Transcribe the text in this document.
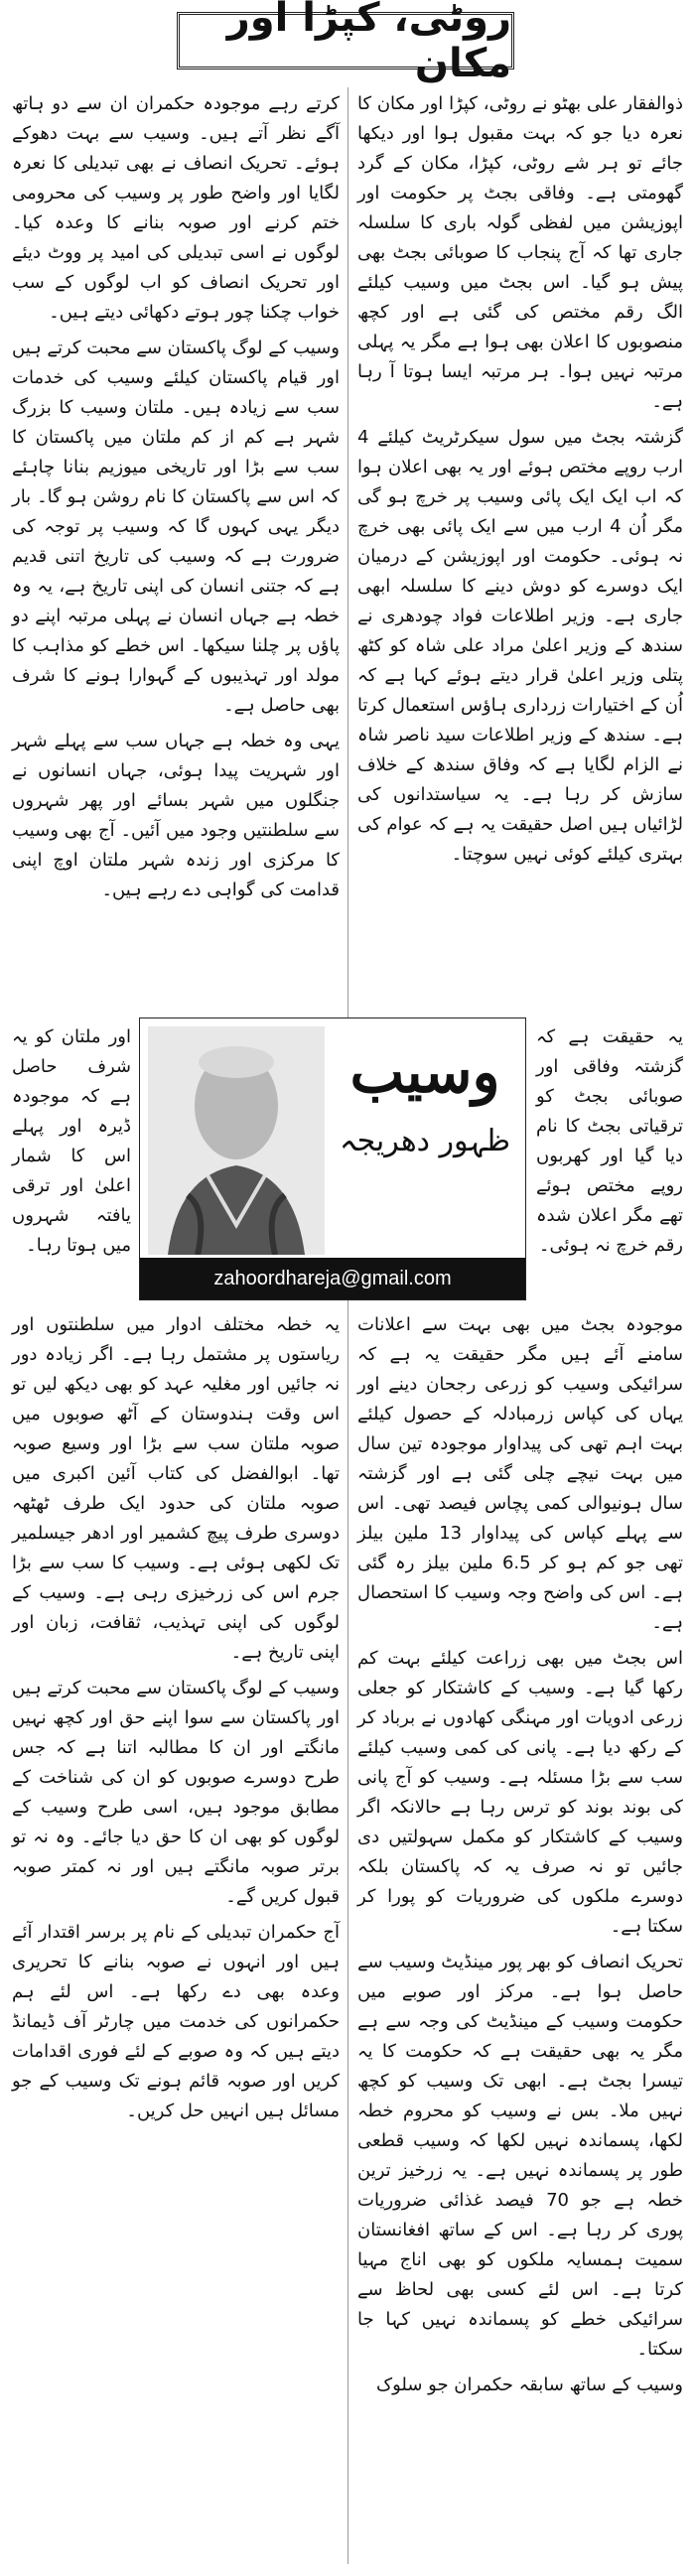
روٹی، کپڑا اور مکان

ذوالفقار علی بھٹو نے روٹی، کپڑا اور مکان کا نعرہ دیا جو کہ بہت مقبول ہوا اور دیکھا جائے تو ہر شے روٹی، کپڑا، مکان کے گرد گھومتی ہے۔ وفاقی بجٹ پر حکومت اور اپوزیشن میں لفظی گولہ باری کا سلسلہ جاری تھا کہ آج پنجاب کا صوبائی بجٹ بھی پیش ہو گیا۔ اس بجٹ میں وسیب کیلئے الگ رقم مختص کی گئی ہے اور کچھ منصوبوں کا اعلان بھی ہوا ہے مگر یہ پہلی مرتبہ نہیں ہوا۔ ہر مرتبہ ایسا ہوتا آ رہا ہے۔

گزشتہ بجٹ میں سول سیکرٹریٹ کیلئے 4 ارب روپے مختص ہوئے اور یہ بھی اعلان ہوا کہ اب ایک ایک پائی وسیب پر خرچ ہو گی مگر اُن 4 ارب میں سے ایک پائی بھی خرچ نہ ہوئی۔ حکومت اور اپوزیشن کے درمیان ایک دوسرے کو دوش دینے کا سلسلہ ابھی جاری ہے۔ وزیر اطلاعات فواد چودھری نے سندھ کے وزیر اعلیٰ مراد علی شاہ کو کٹھ پتلی وزیر اعلیٰ قرار دیتے ہوئے کہا ہے کہ اُن کے اختیارات زرداری ہاؤس استعمال کرتا ہے۔ سندھ کے وزیر اطلاعات سید ناصر شاہ نے الزام لگایا ہے کہ وفاق سندھ کے خلاف سازش کر رہا ہے۔ یہ سیاستدانوں کی لڑائیاں ہیں اصل حقیقت یہ ہے کہ عوام کی بہتری کیلئے کوئی نہیں سوچتا۔

کرتے رہے موجودہ حکمران ان سے دو ہاتھ آگے نظر آتے ہیں۔ وسیب سے بہت دھوکے ہوئے۔ تحریک انصاف نے بھی تبدیلی کا نعرہ لگایا اور واضح طور پر وسیب کی محرومی ختم کرنے اور صوبہ بنانے کا وعدہ کیا۔ لوگوں نے اسی تبدیلی کی امید پر ووٹ دیئے اور تحریک انصاف کو اب لوگوں کے سب خواب چکنا چور ہوتے دکھائی دیتے ہیں۔

وسیب کے لوگ پاکستان سے محبت کرتے ہیں اور قیام پاکستان کیلئے وسیب کی خدمات سب سے زیادہ ہیں۔ ملتان وسیب کا بزرگ شہر ہے کم از کم ملتان میں پاکستان کا سب سے بڑا اور تاریخی میوزیم بنانا چاہئے کہ اس سے پاکستان کا نام روشن ہو گا۔ بار دیگر یہی کہوں گا کہ وسیب پر توجہ کی ضرورت ہے کہ وسیب کی تاریخ اتنی قدیم ہے کہ جتنی انسان کی اپنی تاریخ ہے، یہ وہ خطہ ہے جہاں انسان نے پہلی مرتبہ اپنے دو پاؤں پر چلنا سیکھا۔ اس خطے کو مذاہب کا مولد اور تہذیبوں کے گہوارا ہونے کا شرف بھی حاصل ہے۔

یہی وہ خطہ ہے جہاں سب سے پہلے شہر اور شہریت پیدا ہوئی، جہاں انسانوں نے جنگلوں میں شہر بسائے اور پھر شہروں سے سلطنتیں وجود میں آئیں۔ آج بھی وسیب کا مرکزی اور زندہ شہر ملتان اوچ اپنی قدامت کی گواہی دے رہے ہیں۔

وسیب
ظہور دھریجہ
zahoordhareja@gmail.com

یہ حقیقت ہے کہ گزشتہ وفاقی اور صوبائی بجٹ کو ترقیاتی بجٹ کا نام دیا گیا اور کھربوں روپے مختص ہوئے تھے مگر اعلان شدہ رقم خرچ نہ ہوئی۔

اور ملتان کو یہ شرف حاصل ہے کہ موجودہ ڈیرہ اور پہلے اس کا شمار اعلیٰ اور ترقی یافتہ شہروں میں ہوتا رہا۔

موجودہ بجٹ میں بھی بہت سے اعلانات سامنے آئے ہیں مگر حقیقت یہ ہے کہ سرائیکی وسیب کو زرعی رجحان دینے اور یہاں کی کپاس زرمبادلہ کے حصول کیلئے بہت اہم تھی کی پیداوار موجودہ تین سال میں بہت نیچے چلی گئی ہے اور گزشتہ سال ہونیوالی کمی پچاس فیصد تھی۔ اس سے پہلے کپاس کی پیداوار 13 ملین بیلز تھی جو کم ہو کر 6.5 ملین بیلز رہ گئی ہے۔ اس کی واضح وجہ وسیب کا استحصال ہے۔

اس بجٹ میں بھی زراعت کیلئے بہت کم رکھا گیا ہے۔ وسیب کے کاشتکار کو جعلی زرعی ادویات اور مہنگی کھادوں نے برباد کر کے رکھ دیا ہے۔ پانی کی کمی وسیب کیلئے سب سے بڑا مسئلہ ہے۔ وسیب کو آج پانی کی بوند بوند کو ترس رہا ہے حالانکہ اگر وسیب کے کاشتکار کو مکمل سہولتیں دی جائیں تو نہ صرف یہ کہ پاکستان بلکہ دوسرے ملکوں کی ضروریات کو پورا کر سکتا ہے۔

تحریک انصاف کو بھر پور مینڈیٹ وسیب سے حاصل ہوا ہے۔ مرکز اور صوبے میں حکومت وسیب کے مینڈیٹ کی وجہ سے ہے مگر یہ بھی حقیقت ہے کہ حکومت کا یہ تیسرا بجٹ ہے۔ ابھی تک وسیب کو کچھ نہیں ملا۔ بس نے وسیب کو محروم خطہ لکھا، پسماندہ نہیں لکھا کہ وسیب قطعی طور پر پسماندہ نہیں ہے۔ یہ زرخیز ترین خطہ ہے جو 70 فیصد غذائی ضروریات پوری کر رہا ہے۔ اس کے ساتھ افغانستان سمیت ہمسایہ ملکوں کو بھی اناج مہیا کرتا ہے۔ اس لئے کسی بھی لحاظ سے سرائیکی خطے کو پسماندہ نہیں کہا جا سکتا۔

وسیب کے ساتھ سابقہ حکمران جو سلوک

یہ خطہ مختلف ادوار میں سلطنتوں اور ریاستوں پر مشتمل رہا ہے۔ اگر زیادہ دور نہ جائیں اور مغلیہ عہد کو بھی دیکھ لیں تو اس وقت ہندوستان کے آٹھ صوبوں میں صوبہ ملتان سب سے بڑا اور وسیع صوبہ تھا۔ ابوالفضل کی کتاب آئین اکبری میں صوبہ ملتان کی حدود ایک طرف ٹھٹھہ دوسری طرف پیچ کشمیر اور ادھر جیسلمیر تک لکھی ہوئی ہے۔ وسیب کا سب سے بڑا جرم اس کی زرخیزی رہی ہے۔ وسیب کے لوگوں کی اپنی تہذیب، ثقافت، زبان اور اپنی تاریخ ہے۔

وسیب کے لوگ پاکستان سے محبت کرتے ہیں اور پاکستان سے سوا اپنے حق اور کچھ نہیں مانگتے اور ان کا مطالبہ اتنا ہے کہ جس طرح دوسرے صوبوں کو ان کی شناخت کے مطابق موجود ہیں، اسی طرح وسیب کے لوگوں کو بھی ان کا حق دیا جائے۔ وہ نہ تو برتر صوبہ مانگتے ہیں اور نہ کمتر صوبہ قبول کریں گے۔

آج حکمران تبدیلی کے نام پر برسر اقتدار آئے ہیں اور انہوں نے صوبہ بنانے کا تحریری وعدہ بھی دے رکھا ہے۔ اس لئے ہم حکمرانوں کی خدمت میں چارٹر آف ڈیمانڈ دیتے ہیں کہ وہ صوبے کے لئے فوری اقدامات کریں اور صوبہ قائم ہونے تک وسیب کے جو مسائل ہیں انہیں حل کریں۔
